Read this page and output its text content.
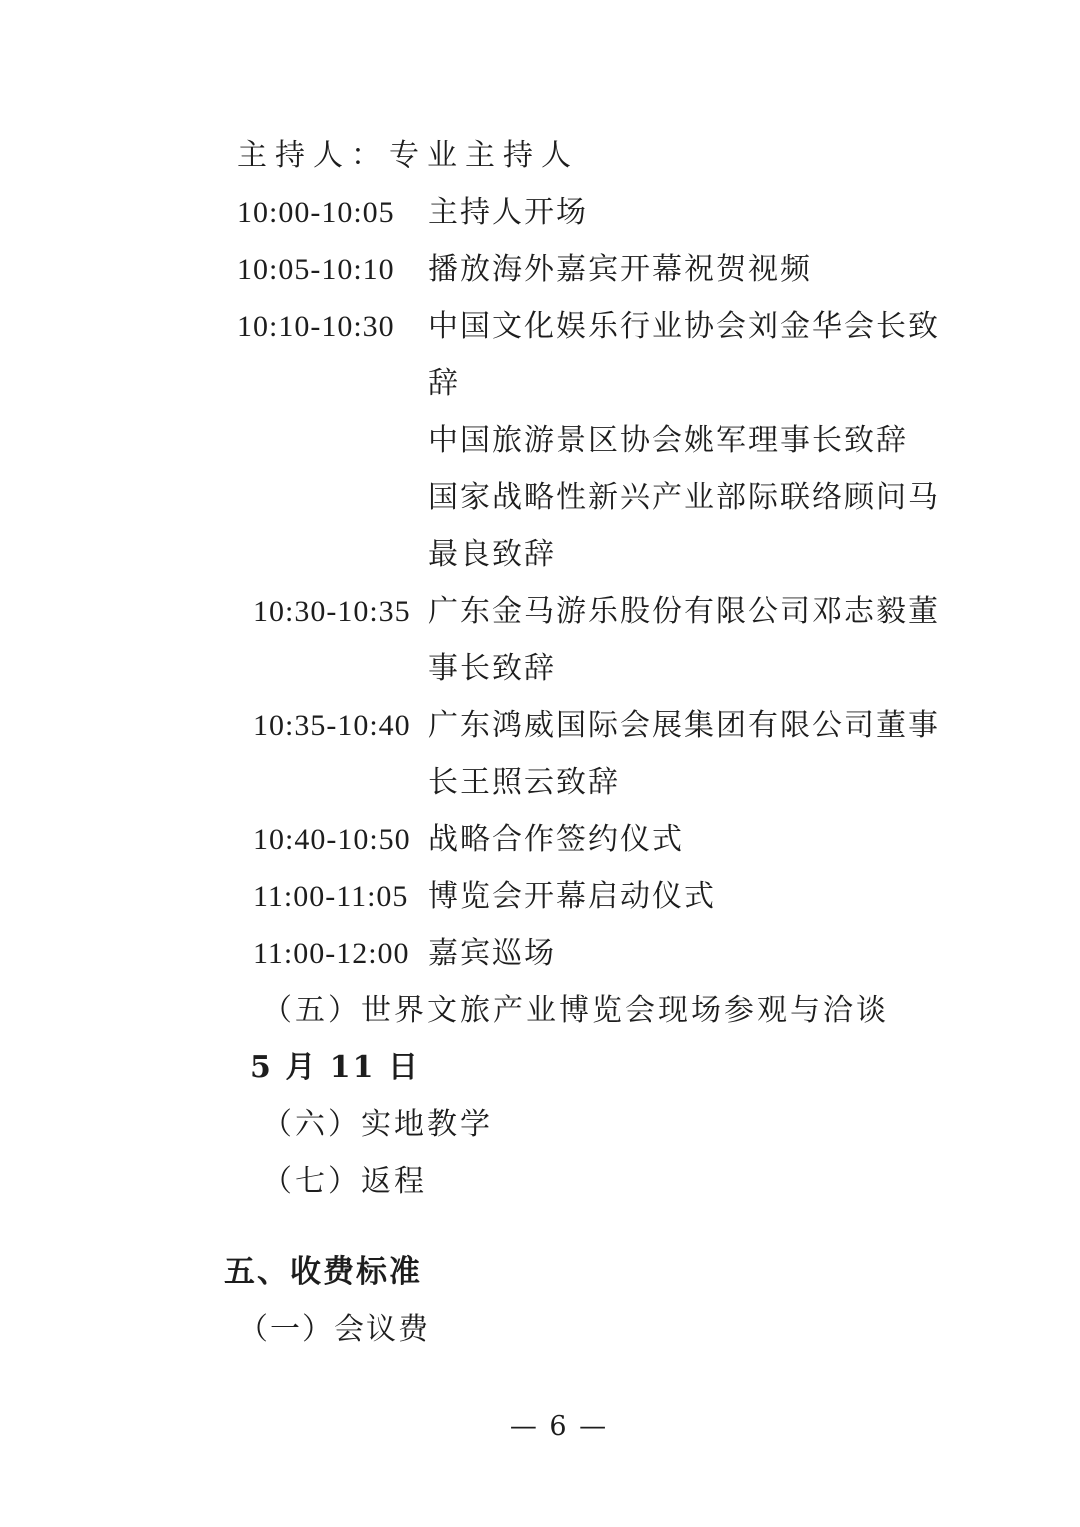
主持人：专业主持人
10:00-10:05	主持人开场
10:05-10:10	播放海外嘉宾开幕祝贺视频
10:10-10:30	中国文化娱乐行业协会刘金华会长致
辞
中国旅游景区协会姚军理事长致辞
国家战略性新兴产业部际联络顾问马
最良致辞
10:30-10:35 广东金马游乐股份有限公司邓志毅董
事长致辞
10:35-10:40 广东鸿威国际会展集团有限公司董事
长王照云致辞
10:40-10:50 战略合作签约仪式
11:00-11:05 博览会开幕启动仪式
11:00-12:00 嘉宾巡场
（五）世界文旅产业博览会现场参观与洽谈
5 月 11 日
（六）实地教学
（七）返程
五、收费标准
（一）会议费
— 6 —
